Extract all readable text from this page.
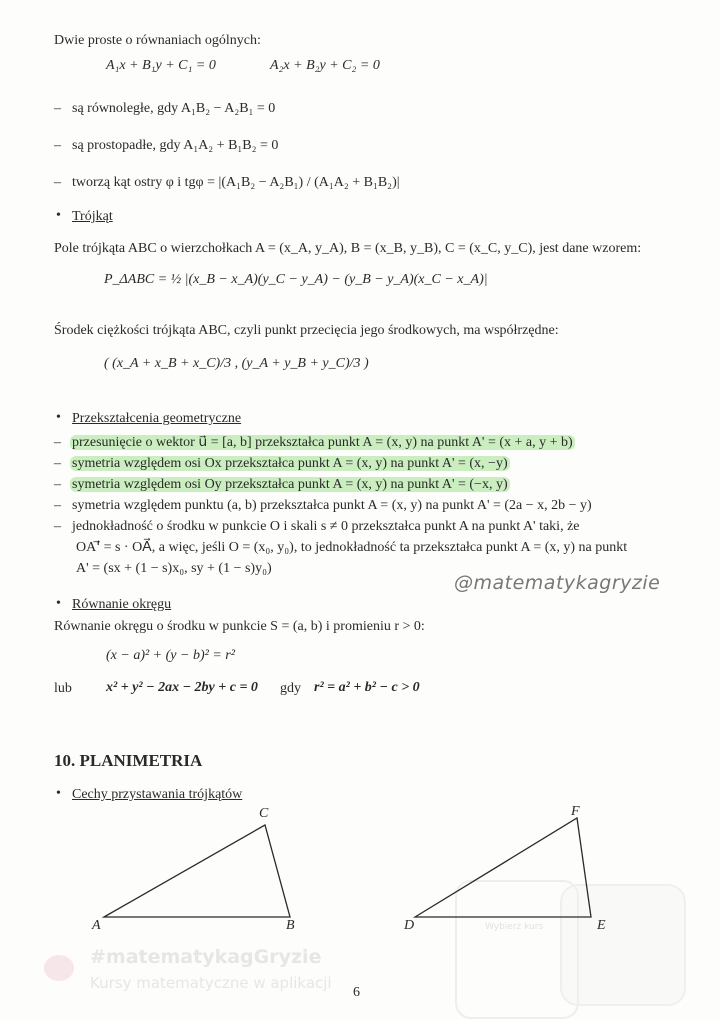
Dwie proste o równaniach ogólnych:
A₁x + B₁y + C₁ = 0	A₂x + B₂y + C₂ = 0
– są równoległe, gdy A₁B₂ − A₂B₁ = 0
– są prostopadłe, gdy A₁A₂ + B₁B₂ = 0
– tworzą kąt ostry φ i tgφ = |(A₁B₂ − A₂B₁) / (A₁A₂ + B₁B₂)|
• Trójkąt
Pole trójkąta ABC o wierzchołkach A = (x_A, y_A), B = (x_B, y_B), C = (x_C, y_C), jest dane wzorem:
P_ΔABC = ½ |(x_B − x_A)(y_C − y_A) − (y_B − y_A)(x_C − x_A)|
Środek ciężkości trójkąta ABC, czyli punkt przecięcia jego środkowych, ma współrzędne:
( (x_A + x_B + x_C)/3 , (y_A + y_B + y_C)/3 )
• Przekształcenia geometryczne
– przesunięcie o wektor u⃗ = [a, b] przekształca punkt A = (x, y) na punkt A' = (x + a, y + b)
– symetria względem osi Ox przekształca punkt A = (x, y) na punkt A' = (x, −y)
– symetria względem osi Oy przekształca punkt A = (x, y) na punkt A' = (−x, y)
– symetria względem punktu (a, b) przekształca punkt A = (x, y) na punkt A' = (2a − x, 2b − y)
– jednokładność o środku w punkcie O i skali s ≠ 0 przekształca punkt A na punkt A' taki, że
OA'⃗ = s · OA⃗, a więc, jeśli O = (x₀, y₀), to jednokładność ta przekształca punkt A = (x, y) na punkt
A' = (sx + (1 − s)x₀, sy + (1 − s)y₀)
@matematykagryzie
• Równanie okręgu
Równanie okręgu o środku w punkcie S = (a, b) i promieniu r > 0:
(x − a)² + (y − b)² = r²
lub x² + y² − 2ax − 2by + c = 0 gdy r² = a² + b² − c > 0
10. PLANIMETRIA
• Cechy przystawania trójkątów
Wybierz kurs
#matematykagGryzie
Kursy matematyczne w aplikacji
A	B
C
D	E
F
6
